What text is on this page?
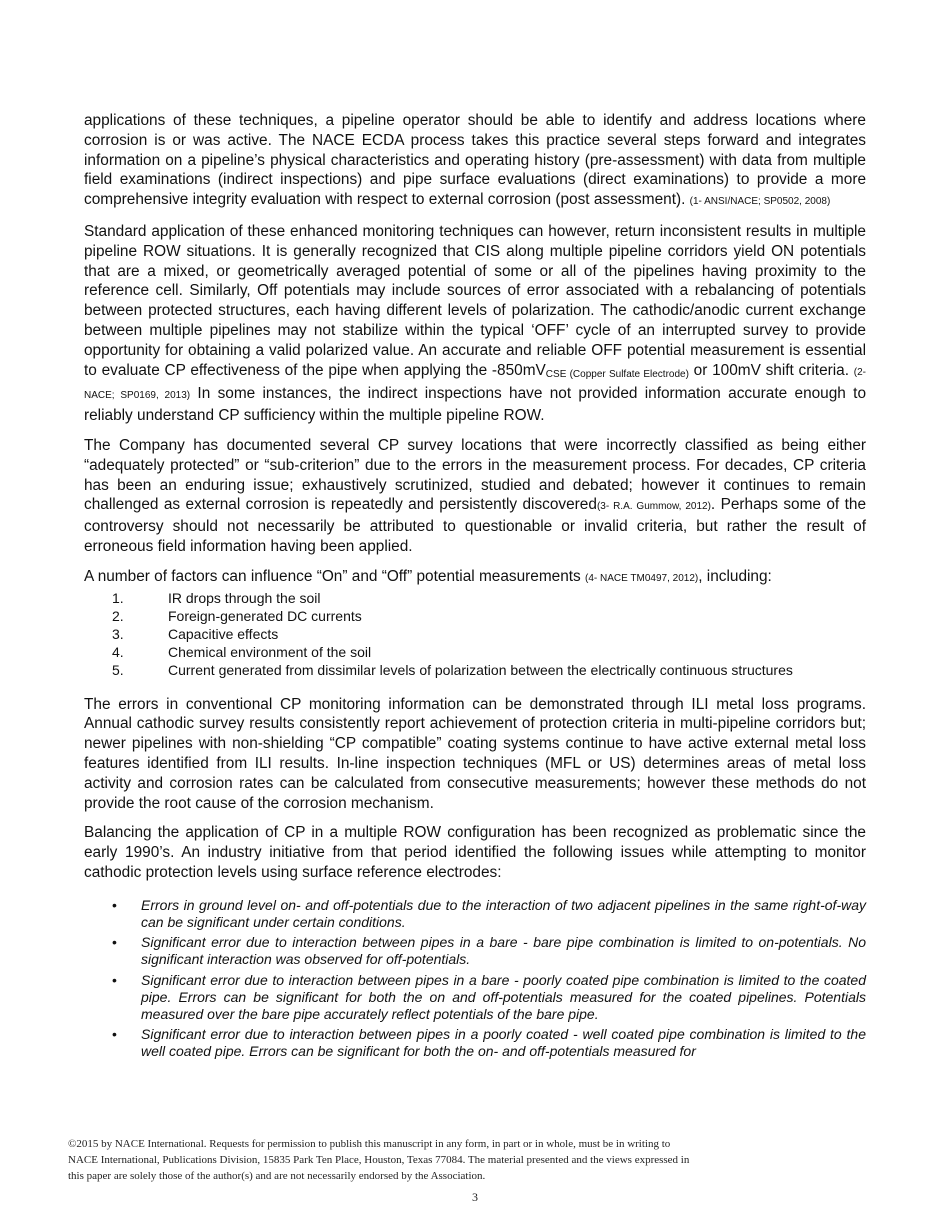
applications of these techniques, a pipeline operator should be able to identify and address locations where corrosion is or was active. The NACE ECDA process takes this practice several steps forward and integrates information on a pipeline’s physical characteristics and operating history (pre-assessment) with data from multiple field examinations (indirect inspections) and pipe surface evaluations (direct examinations) to provide a more comprehensive integrity evaluation with respect to external corrosion (post assessment). (1- ANSI/NACE; SP0502, 2008)

Standard application of these enhanced monitoring techniques can however, return inconsistent results in multiple pipeline ROW situations. It is generally recognized that CIS along multiple pipeline corridors yield ON potentials that are a mixed, or geometrically averaged potential of some or all of the pipelines having proximity to the reference cell. Similarly, Off potentials may include sources of error associated with a rebalancing of potentials between protected structures, each having different levels of polarization. The cathodic/anodic current exchange between multiple pipelines may not stabilize within the typical ‘OFF’ cycle of an interrupted survey to provide opportunity for obtaining a valid polarized value. An accurate and reliable OFF potential measurement is essential to evaluate CP effectiveness of the pipe when applying the $-850mV_{CSE (Copper Sulfate Electrode)}$ or 100mV shift criteria. (2- NACE; SP0169, 2013) In some instances, the indirect inspections have not provided information accurate enough to reliably understand CP sufficiency within the multiple pipeline ROW.

The Company has documented several CP survey locations that were incorrectly classified as being either “adequately protected” or “sub-criterion” due to the errors in the measurement process. For decades, CP criteria has been an enduring issue; exhaustively scrutinized, studied and debated; however it continues to remain challenged as external corrosion is repeatedly and persistently discovered(3- R.A. Gummow, 2012). Perhaps some of the controversy should not necessarily be attributed to questionable or invalid criteria, but rather the result of erroneous field information having been applied.

A number of factors can influence “On” and “Off” potential measurements (4- NACE TM0497, 2012), including:

1.	IR drops through the soil
2.	Foreign-generated DC currents
3.	Capacitive effects
4.	Chemical environment of the soil
5.	Current generated from dissimilar levels of polarization between the electrically continuous structures

The errors in conventional CP monitoring information can be demonstrated through ILI metal loss programs. Annual cathodic survey results consistently report achievement of protection criteria in multi-pipeline corridors but; newer pipelines with non-shielding “CP compatible” coating systems continue to have active external metal loss features identified from ILI results. In-line inspection techniques (MFL or US) determines areas of metal loss activity and corrosion rates can be calculated from consecutive measurements; however these methods do not provide the root cause of the corrosion mechanism.

Balancing the application of CP in a multiple ROW configuration has been recognized as problematic since the early 1990’s. An industry initiative from that period identified the following issues while attempting to monitor cathodic protection levels using surface reference electrodes:

•	Errors in ground level on- and off-potentials due to the interaction of two adjacent pipelines in the same right-of-way can be significant under certain conditions.
•	Significant error due to interaction between pipes in a bare - bare pipe combination is limited to on-potentials. No significant interaction was observed for off-potentials.
•	Significant error due to interaction between pipes in a bare - poorly coated pipe combination is limited to the coated pipe. Errors can be significant for both the on and off-potentials measured for the coated pipelines. Potentials measured over the bare pipe accurately reflect potentials of the bare pipe.
•	Significant error due to interaction between pipes in a poorly coated - well coated pipe combination is limited to the well coated pipe. Errors can be significant for both the on- and off-potentials measured for
©2015 by NACE International. Requests for permission to publish this manuscript in any form, in part or in whole, must be in writing to
NACE International, Publications Division, 15835 Park Ten Place, Houston, Texas 77084. The material presented and the views expressed in
this paper are solely those of the author(s) and are not necessarily endorsed by the Association.
3
